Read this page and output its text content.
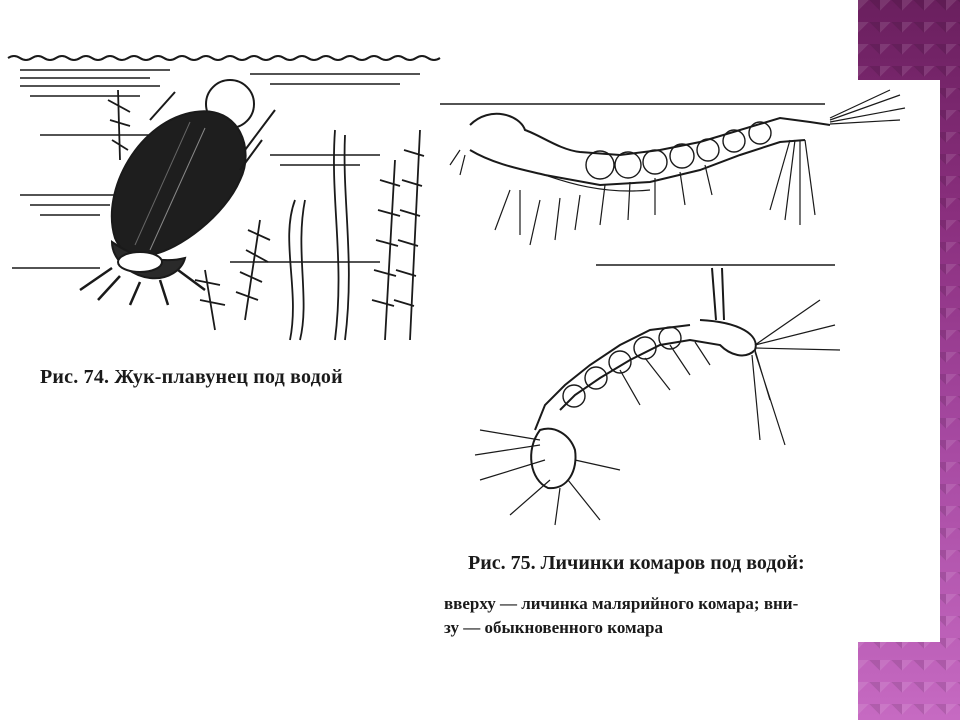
Рис. 74. Жук-плавунец под водой
Рис. 75. Личинки комаров под водой:
вверху — личинка малярийного комара; вни-
зу — обыкновенного комара
